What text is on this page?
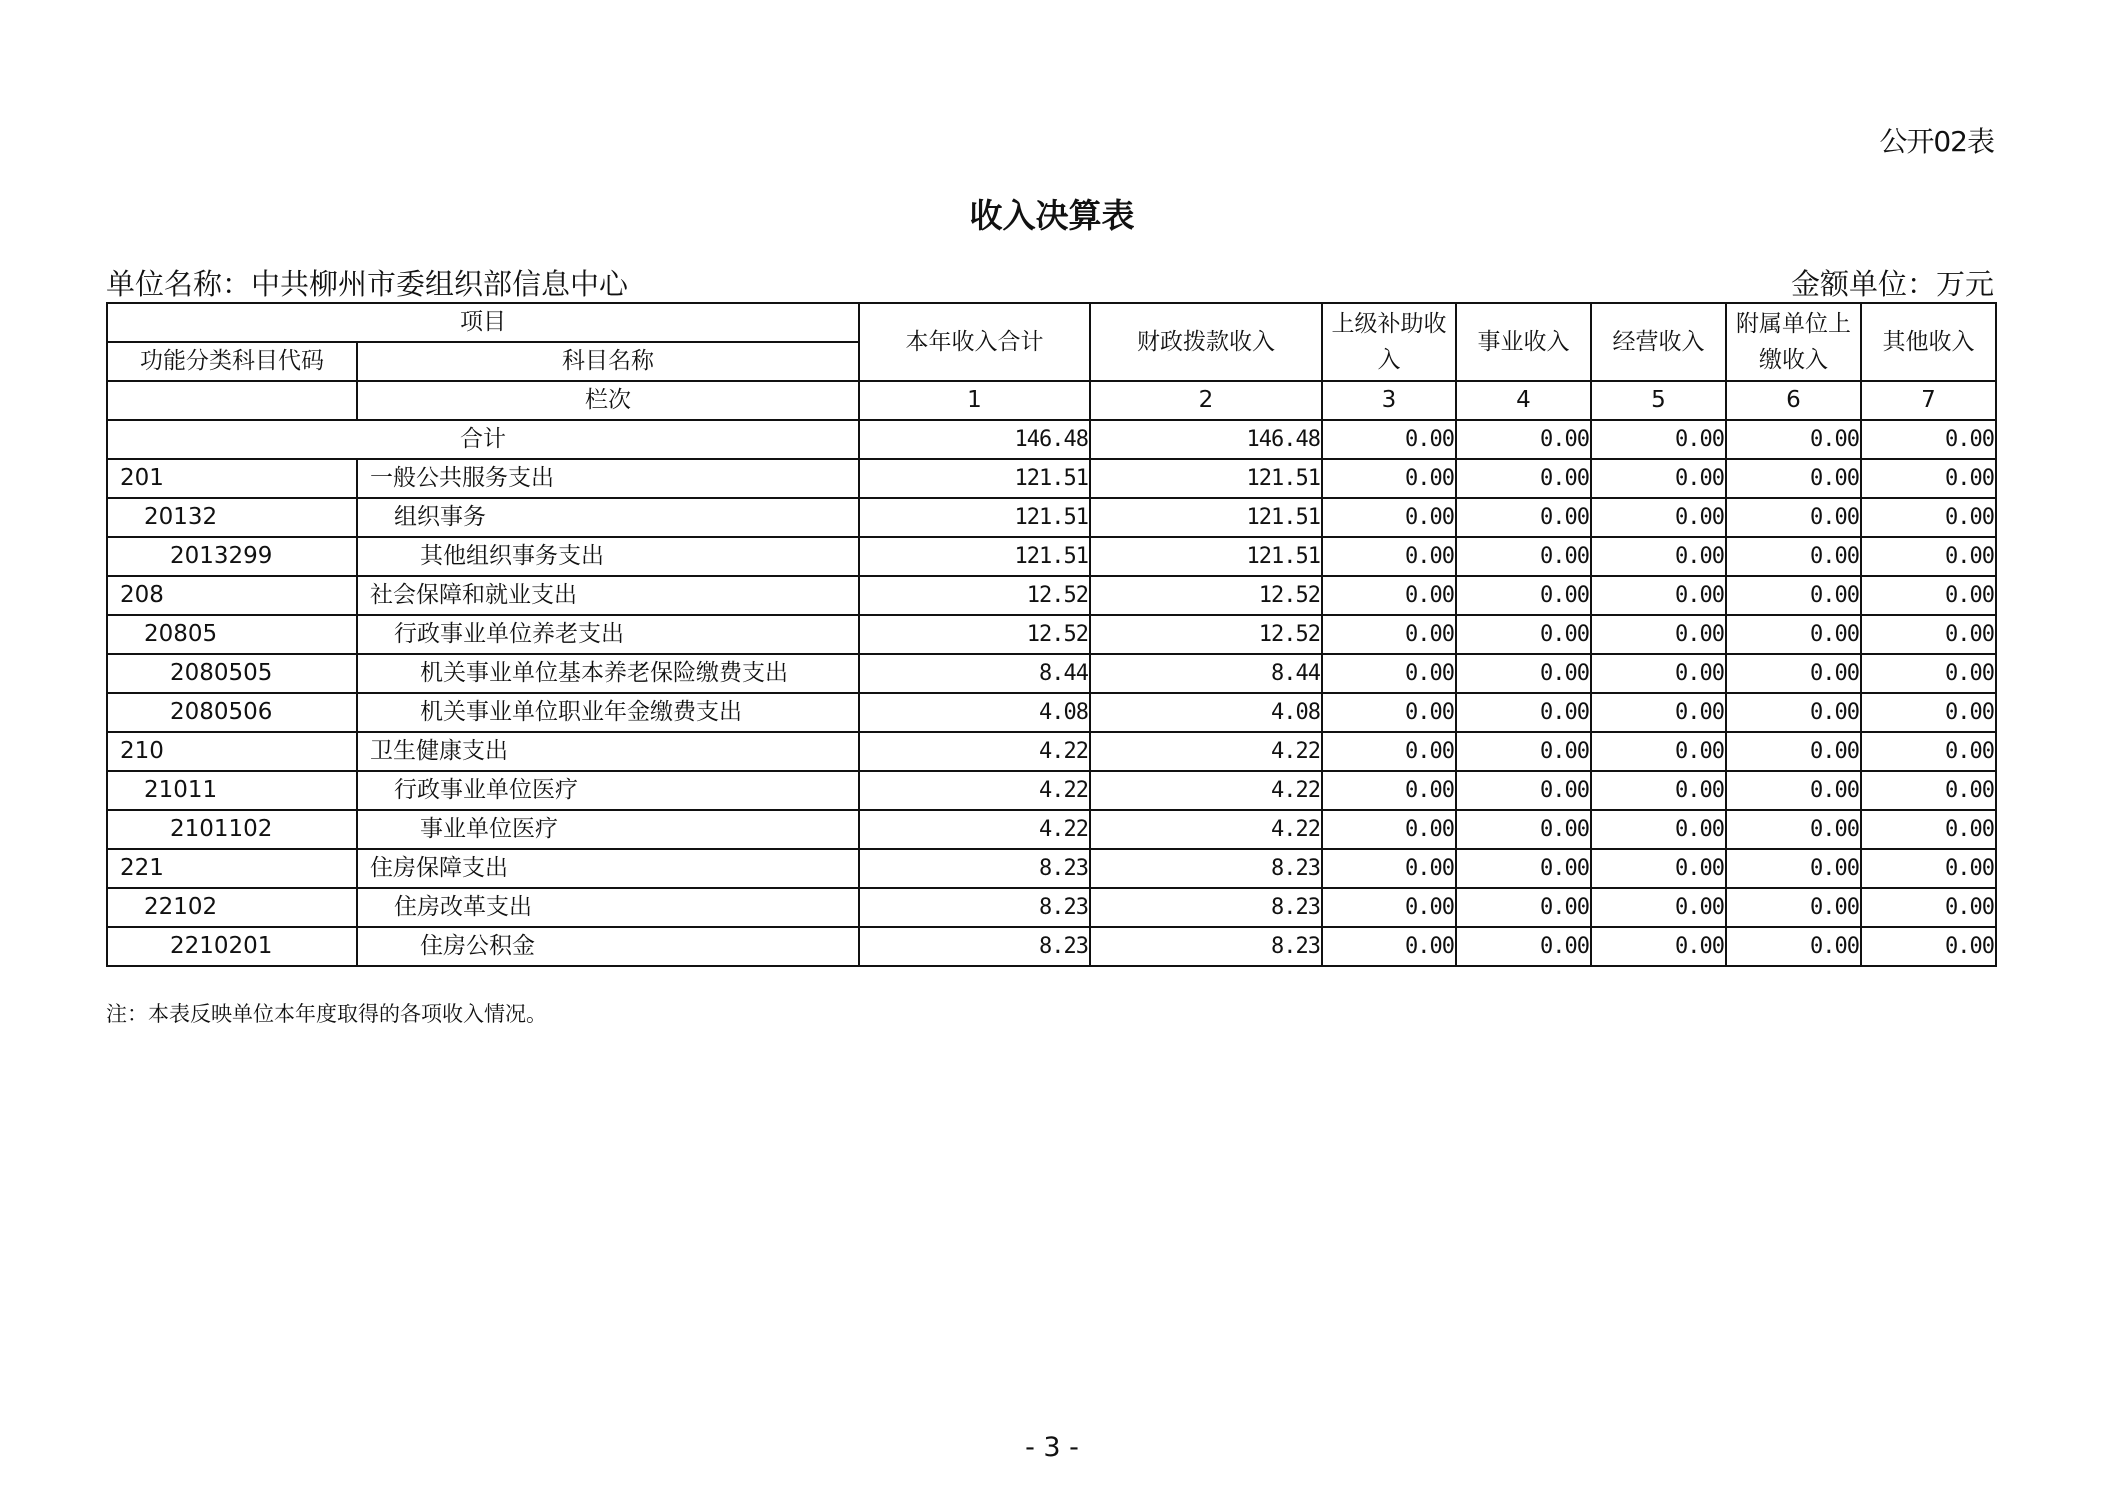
公开02表
收入决算表
单位名称：中共柳州市委组织部信息中心	金额单位：万元
项目		本年收入合计	财政拨款收入	上级补助收入	事业收入	经营收入	附属单位上缴收入	其他收入
功能分类科目代码	科目名称							
	栏次	1	2	3	4	5	6	7
合计		146.48	146.48	0.00	0.00	0.00	0.00	0.00
201	一般公共服务支出	121.51	121.51	0.00	0.00	0.00	0.00	0.00
20132	组织事务	121.51	121.51	0.00	0.00	0.00	0.00	0.00
2013299	其他组织事务支出	121.51	121.51	0.00	0.00	0.00	0.00	0.00
208	社会保障和就业支出	12.52	12.52	0.00	0.00	0.00	0.00	0.00
20805	行政事业单位养老支出	12.52	12.52	0.00	0.00	0.00	0.00	0.00
2080505	机关事业单位基本养老保险缴费支出	8.44	8.44	0.00	0.00	0.00	0.00	0.00
2080506	机关事业单位职业年金缴费支出	4.08	4.08	0.00	0.00	0.00	0.00	0.00
210	卫生健康支出	4.22	4.22	0.00	0.00	0.00	0.00	0.00
21011	行政事业单位医疗	4.22	4.22	0.00	0.00	0.00	0.00	0.00
2101102	事业单位医疗	4.22	4.22	0.00	0.00	0.00	0.00	0.00
221	住房保障支出	8.23	8.23	0.00	0.00	0.00	0.00	0.00
22102	住房改革支出	8.23	8.23	0.00	0.00	0.00	0.00	0.00
2210201	住房公积金	8.23	8.23	0.00	0.00	0.00	0.00	0.00
注：本表反映单位本年度取得的各项收入情况。
- 3 -
